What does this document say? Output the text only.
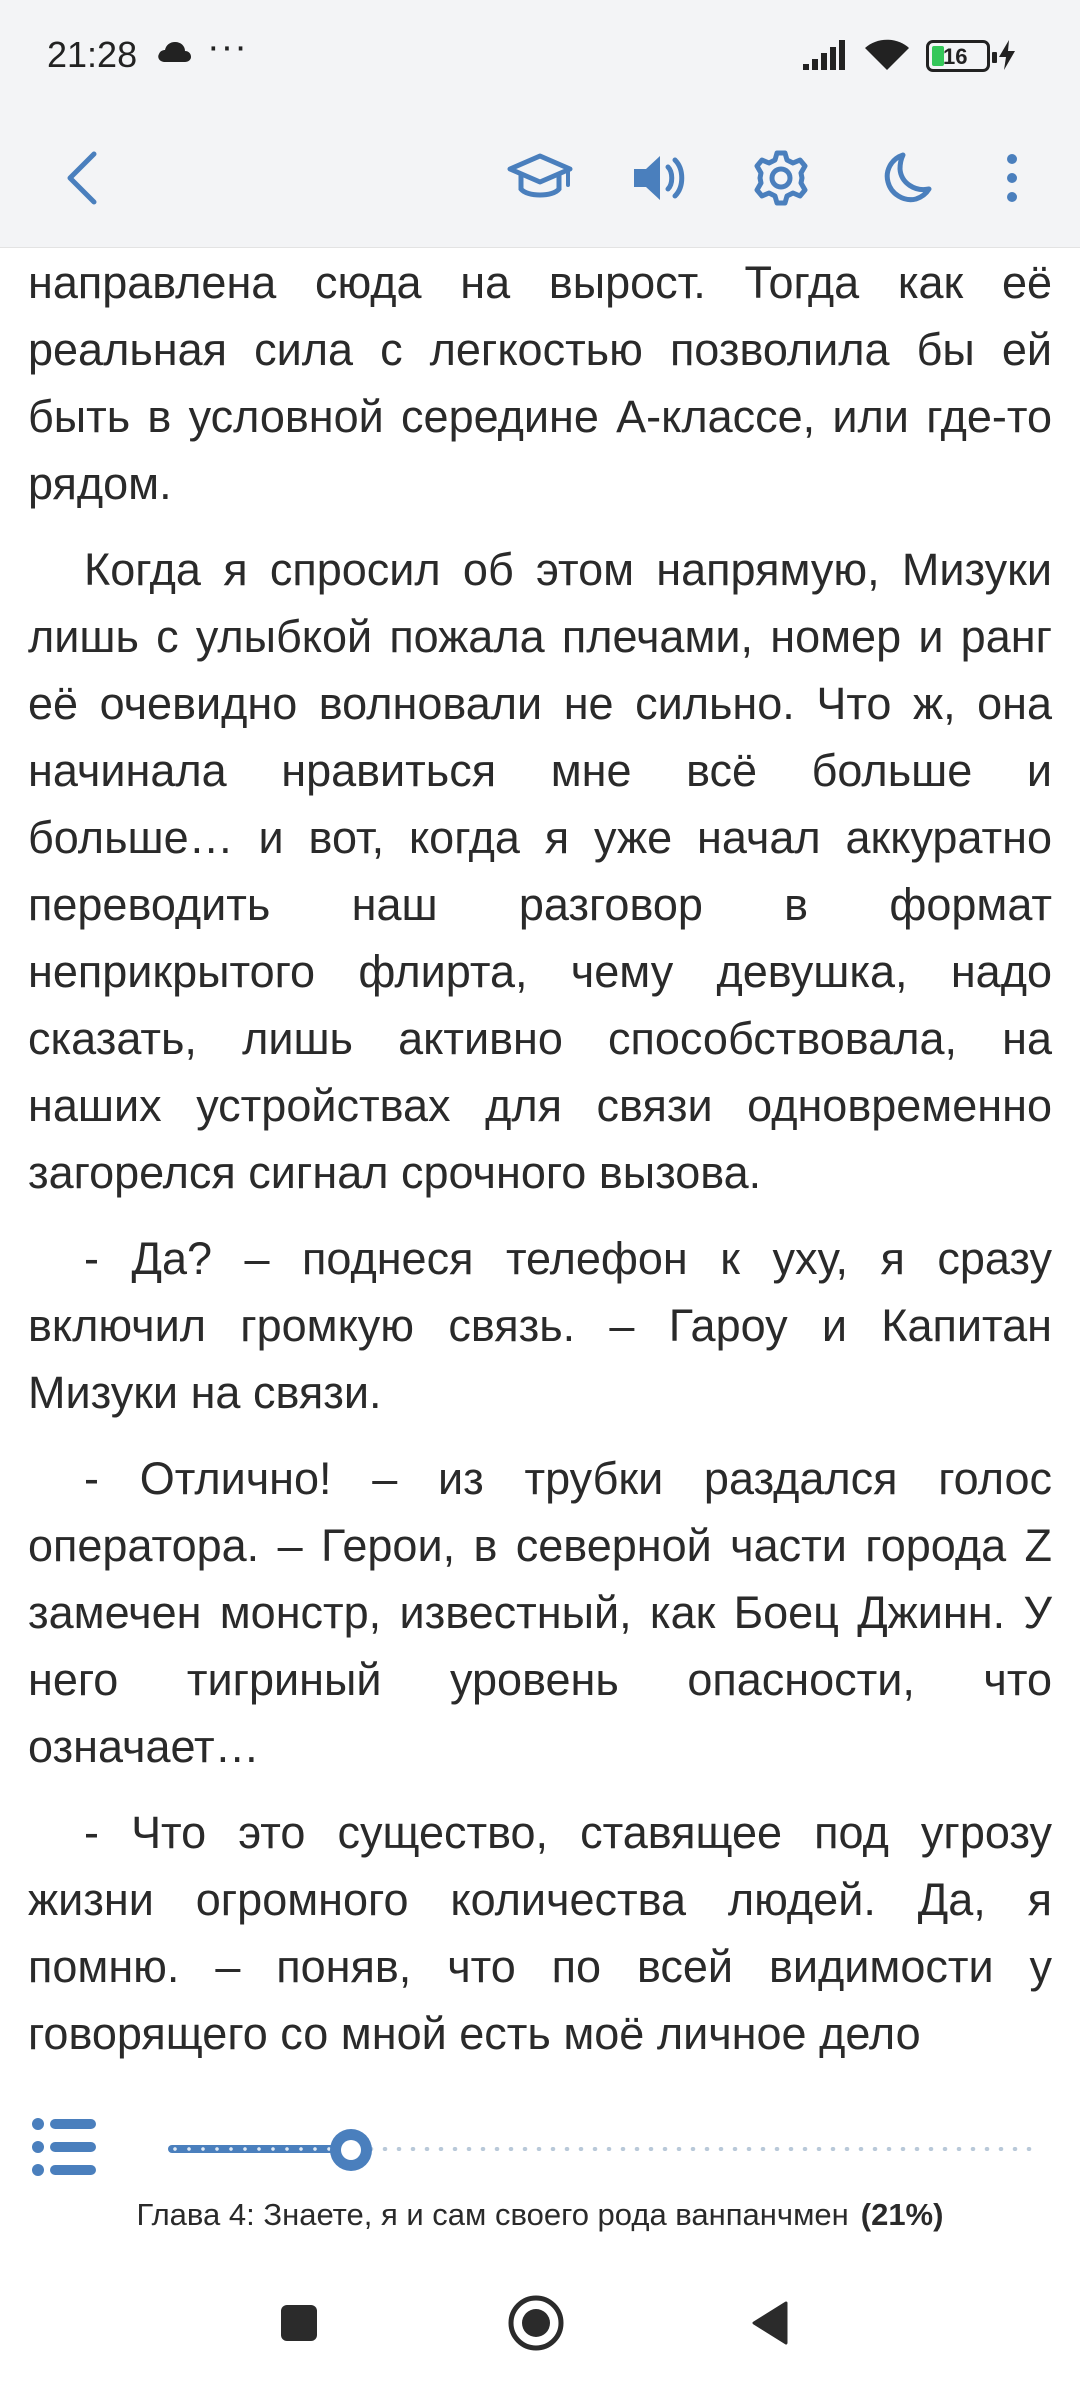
21:28 ···	16

направлена сюда на вырост. Тогда как её реальная сила с легкостью позволила бы ей быть в условной середине А-классе, или где-то рядом.

Когда я спросил об этом напрямую, Мизуки лишь с улыбкой пожала плечами, номер и ранг её очевидно волновали не сильно. Что ж, она начинала нравиться мне всё больше и больше… и вот, когда я уже начал аккуратно переводить наш разговор в формат неприкрытого флирта, чему девушка, надо сказать, лишь активно способствовала, на наших устройствах для связи одновременно загорелся сигнал срочного вызова.

- Да? – поднеся телефон к уху, я сразу включил громкую связь. – Гароу и Капитан Мизуки на связи.

- Отлично! – из трубки раздался голос оператора. – Герои, в северной части города Z замечен монстр, известный, как Боец Джинн. У него тигриный уровень опасности, что означает…

- Что это существо, ставящее под угрозу жизни огромного количества людей. Да, я помню. – поняв, что по всей видимости у говорящего со мной есть моё личное дело

Глава 4: Знаете, я и сам своего рода ванпанчмен (21%)
